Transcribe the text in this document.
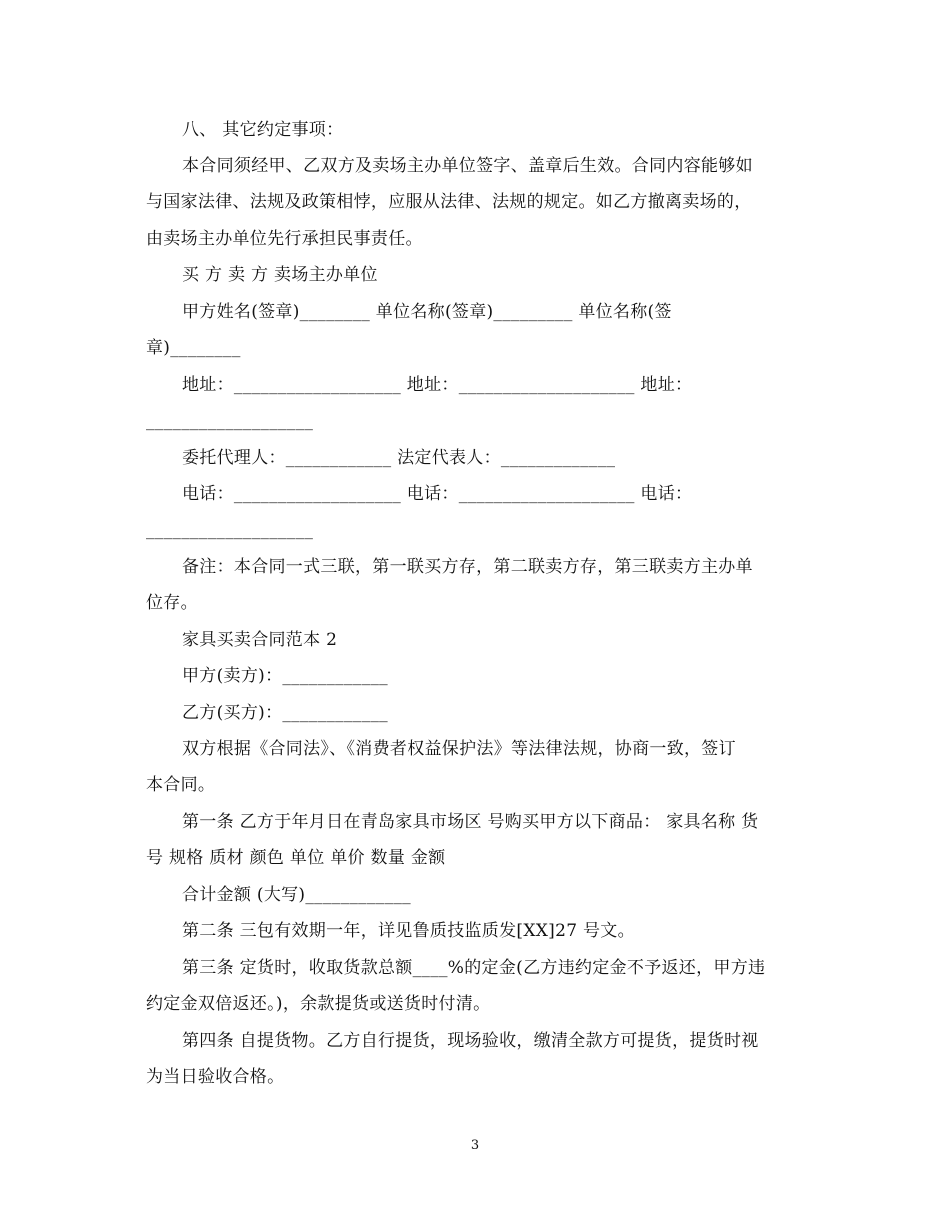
八、 其它约定事项：
本合同须经甲、乙双方及卖场主办单位签字、盖章后生效。合同内容能够如
与国家法律、法规及政策相悖，应服从法律、法规的规定。如乙方撤离卖场的，
由卖场主办单位先行承担民事责任。
买 方 卖 方 卖场主办单位
甲方姓名(签章)________ 单位名称(签章)_________ 单位名称(签
章)________
地址：___________________ 地址：____________________ 地址：
___________________
委托代理人：____________ 法定代表人：_____________
电话：___________________ 电话：____________________ 电话：
___________________
备注：本合同一式三联，第一联买方存，第二联卖方存，第三联卖方主办单
位存。
家具买卖合同范本 2
甲方(卖方)：____________
乙方(买方)：____________
双方根据《合同法》、《消费者权益保护法》等法律法规，协商一致，签订
本合同。
第一条 乙方于年月日在青岛家具市场区 号购买甲方以下商品： 家具名称 货
号 规格 质材 颜色 单位 单价 数量 金额
合计金额 (大写)____________
第二条 三包有效期一年，详见鲁质技监质发[XX]27 号文。
第三条 定货时，收取货款总额____%的定金(乙方违约定金不予返还，甲方违
约定金双倍返还。)，余款提货或送货时付清。
第四条 自提货物。乙方自行提货，现场验收，缴清全款方可提货，提货时视
为当日验收合格。
3
